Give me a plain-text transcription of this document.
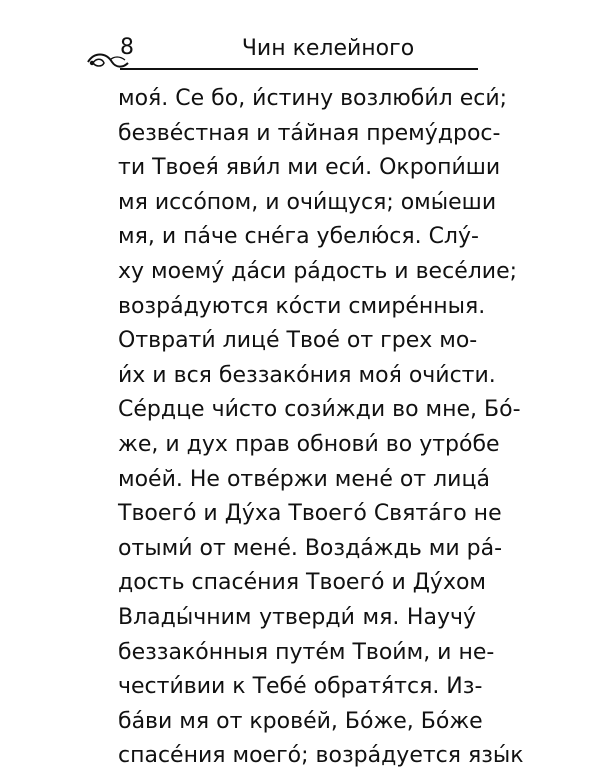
8	Чин келейного
моя́. Се бо, и́стину возлюби́л еси́;
безве́стная и та́йная прему́дрос-
ти Твоея́ яви́л ми еси́. Окропи́ши
мя иссо́пом, и очи́щуся; омы́еши
мя, и па́че сне́га убелю́ся. Слу́-
ху моему́ да́си ра́дость и весе́лие;
возра́дуются ко́сти смире́нныя.
Отврати́ лице́ Твое́ от грех мо-
и́х и вся беззако́ния моя́ очи́сти.
Се́рдце чи́сто сози́жди во мне, Бо́-
же, и дух прав обнови́ во утро́бе
мое́й. Не отве́ржи мене́ от лица́
Твоего́ и Ду́ха Твоего́ Свята́го не
отыми́ от мене́. Возда́ждь ми ра́-
дость спасе́ния Твоего́ и Ду́хом
Влады́чним утверди́ мя. Научу́
беззако́нныя путе́м Твои́м, и не-
чести́вии к Тебе́ обратя́тся. Из-
ба́ви мя от крове́й, Бо́же, Бо́же
спасе́ния моего́; возра́дуется язы́к
